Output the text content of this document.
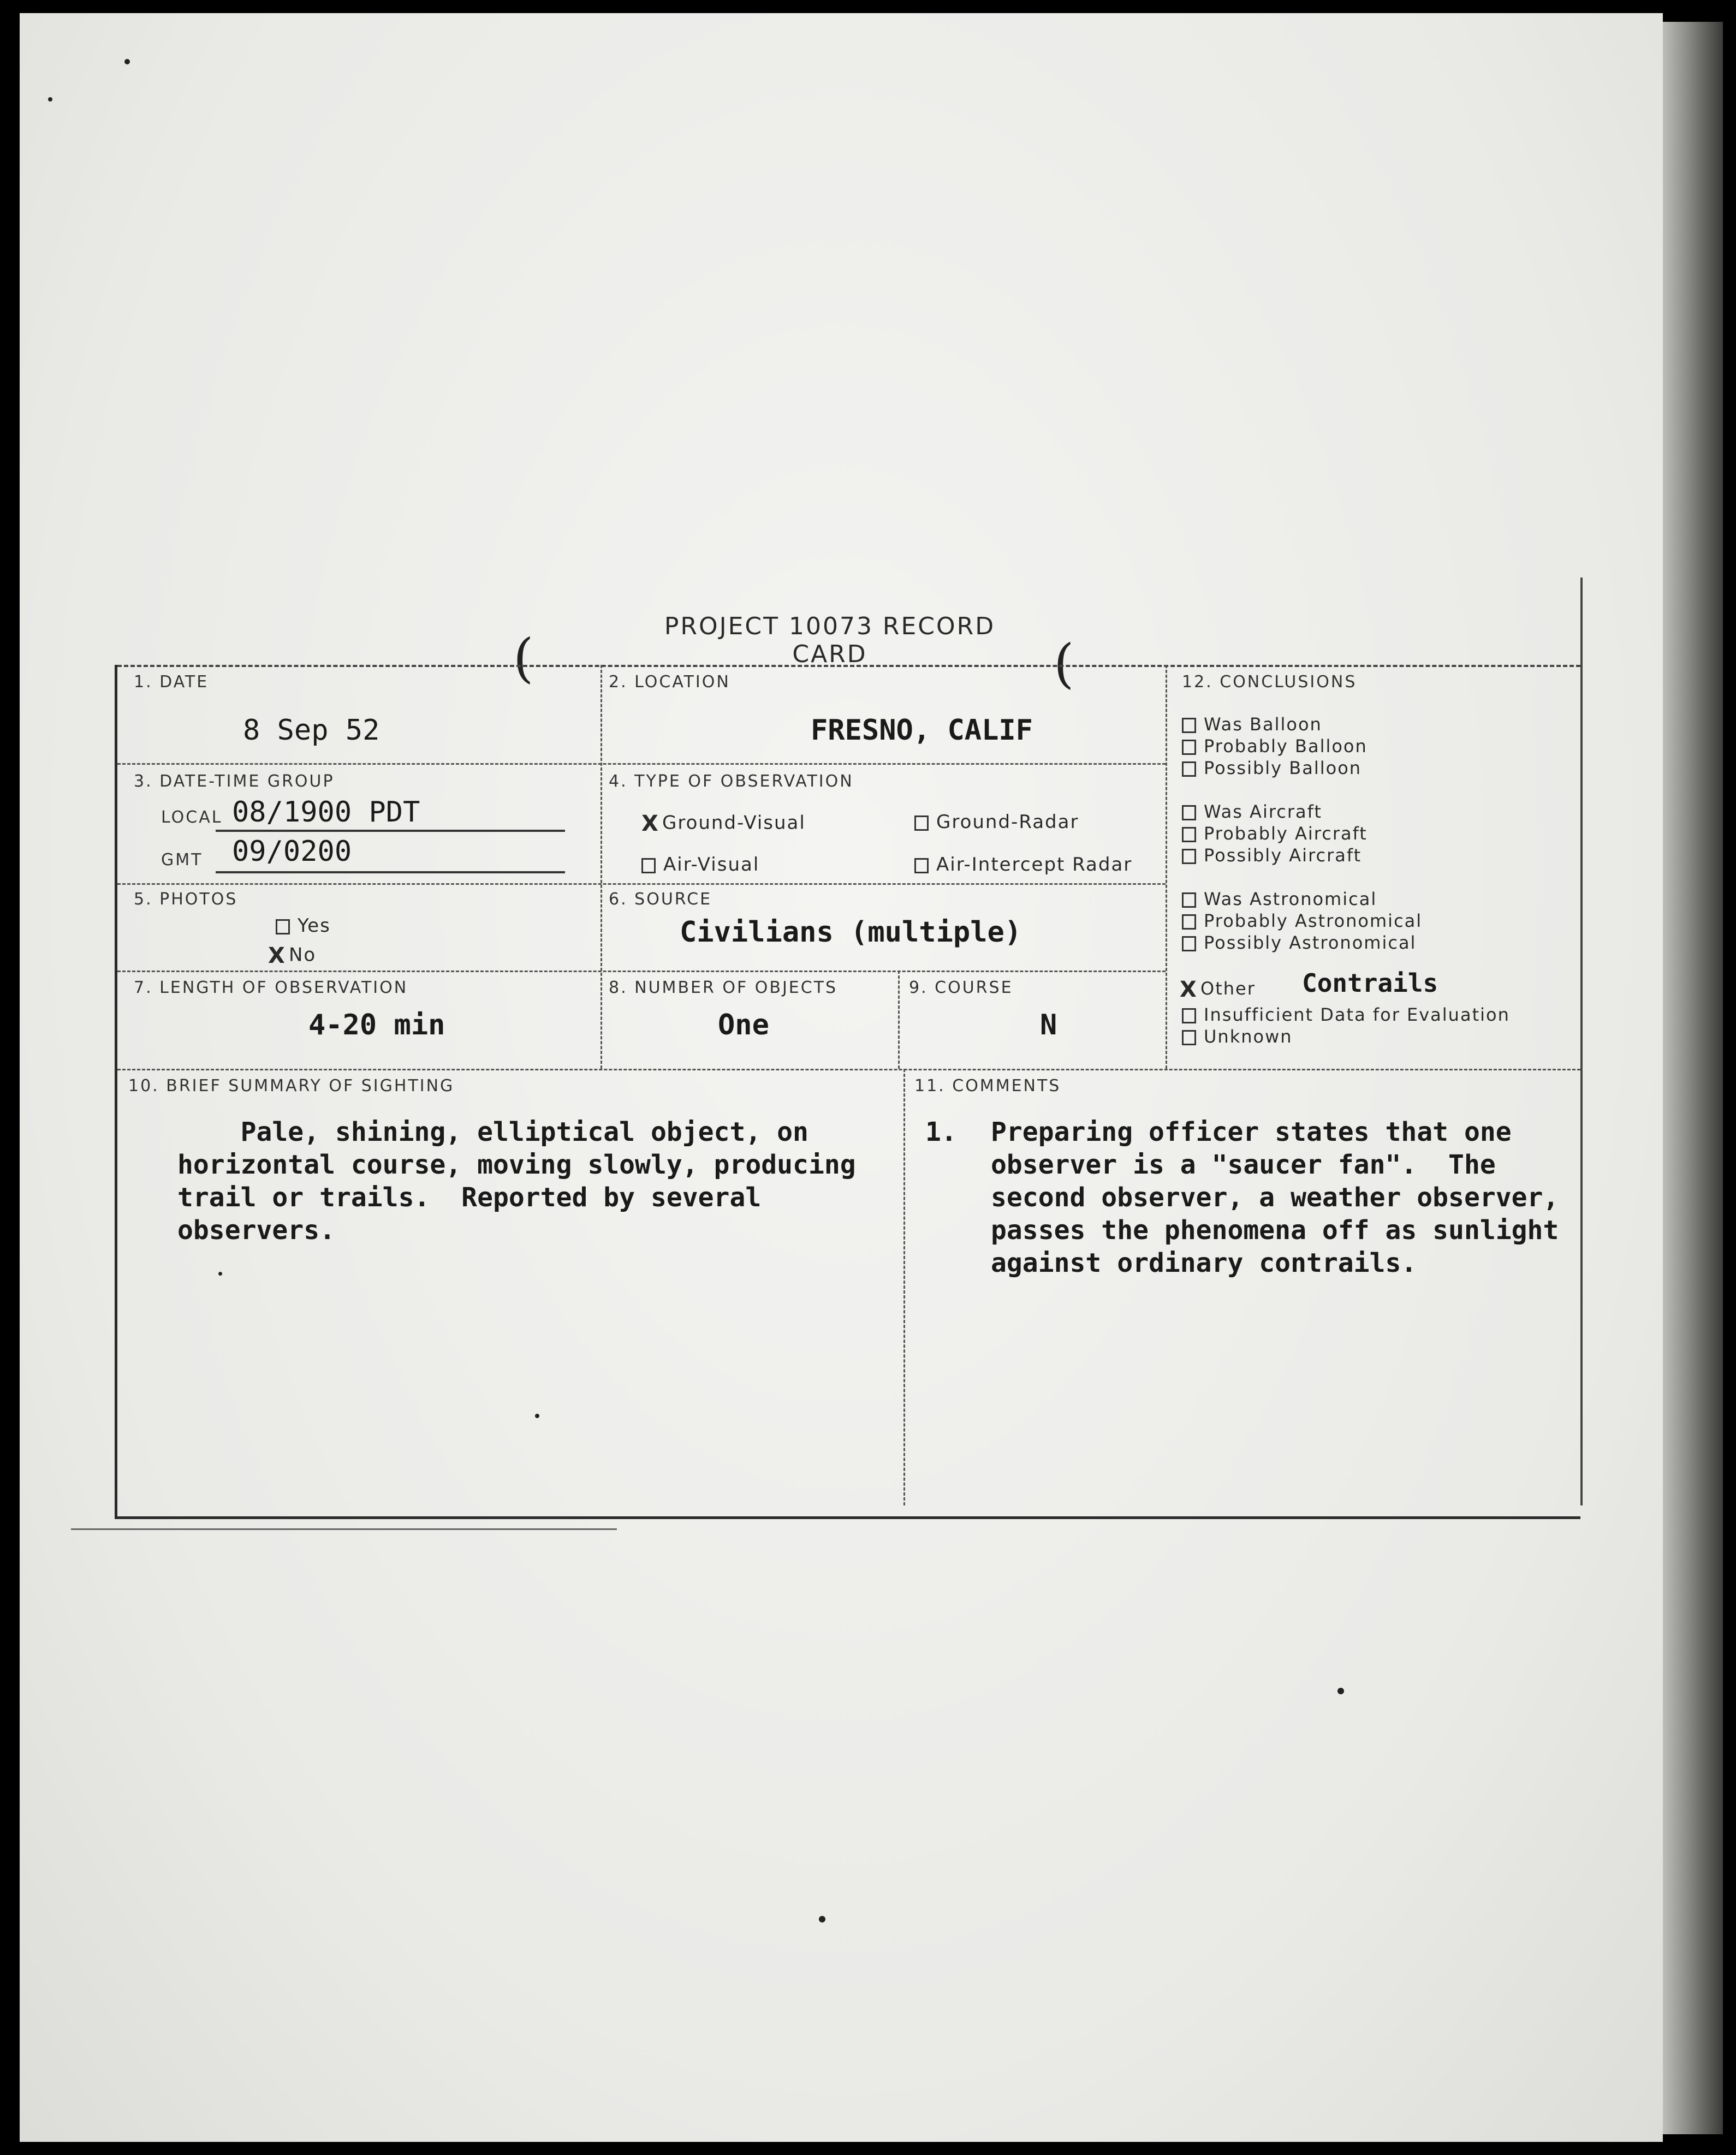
PROJECT 10073 RECORD CARD
(	(
1. DATE
8 Sep 52
2. LOCATION
FRESNO, CALIF
3. DATE-TIME GROUP
LOCAL 08/1900 PDT
GMT 09/0200
4. TYPE OF OBSERVATION
X Ground-Visual	Ground-Radar
Air-Visual	Air-Intercept Radar
5. PHOTOS
Yes
X No
6. SOURCE
Civilians (multiple)
7. LENGTH OF OBSERVATION
4-20 min
8. NUMBER OF OBJECTS
One
9. COURSE
N
10. BRIEF SUMMARY OF SIGHTING
Pale, shining, elliptical object, on
horizontal course, moving slowly, producing
trail or trails.  Reported by several
observers.
11. COMMENTS
1. Preparing officer states that one
observer is a "saucer fan".  The
second observer, a weather observer,
passes the phenomena off as sunlight
against ordinary contrails.
12. CONCLUSIONS
Was Balloon
Probably Balloon
Possibly Balloon
Was Aircraft
Probably Aircraft
Possibly Aircraft
Was Astronomical
Probably Astronomical
Possibly Astronomical
X Other Contrails
Insufficient Data for Evaluation
Unknown
